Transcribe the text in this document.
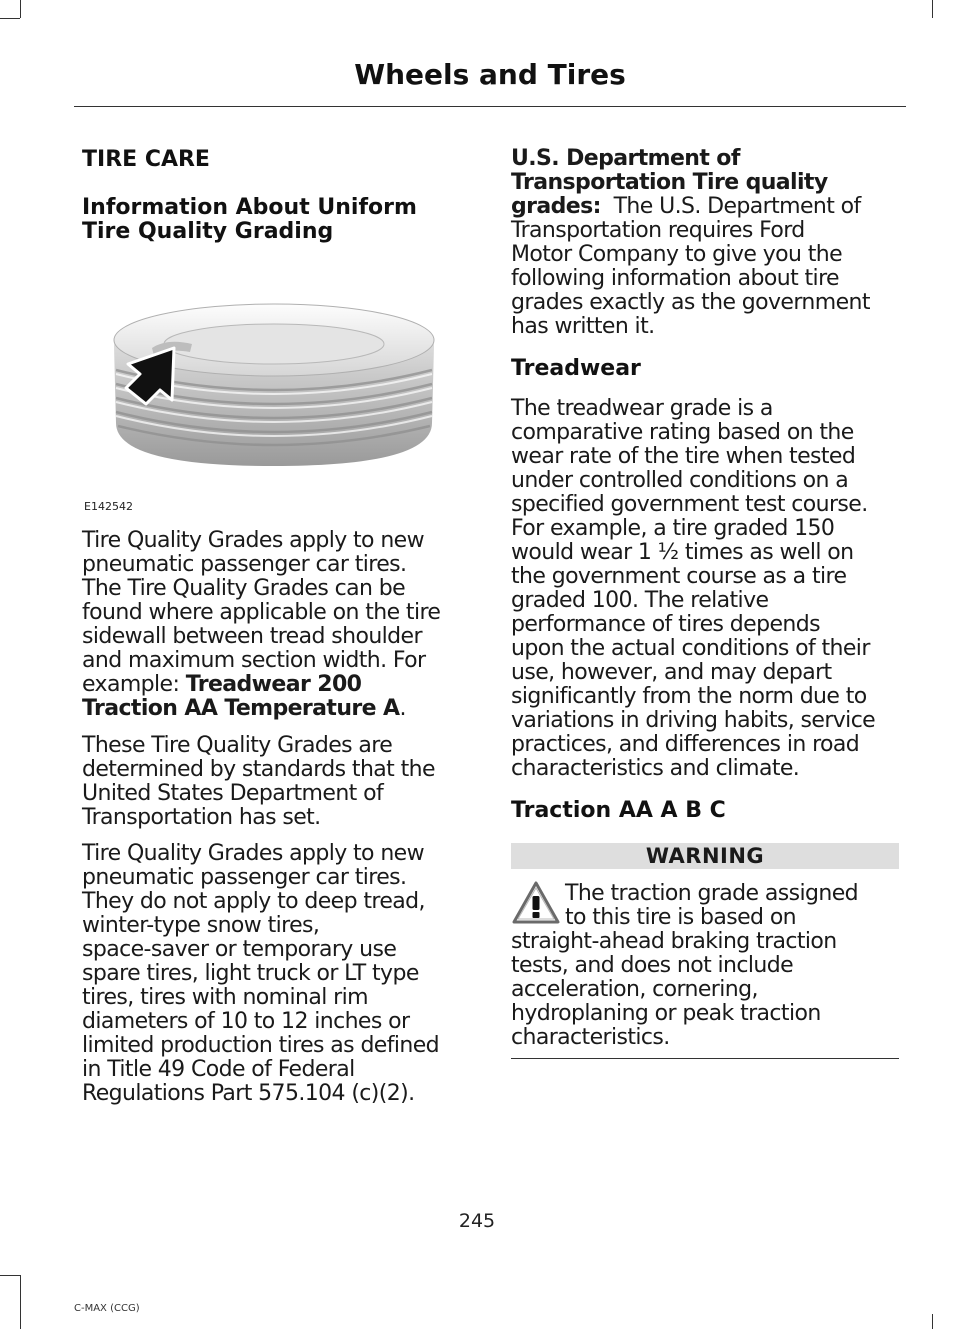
Wheels and Tires
TIRE CARE
Information About Uniform
Tire Quality Grading
E142542
Tire Quality Grades apply to new
pneumatic passenger car tires.
The Tire Quality Grades can be
found where applicable on the tire
sidewall between tread shoulder
and maximum section width. For
example: Treadwear 200
Traction AA Temperature A.
These Tire Quality Grades are
determined by standards that the
United States Department of
Transportation has set.
Tire Quality Grades apply to new
pneumatic passenger car tires.
They do not apply to deep tread,
winter-type snow tires,
space-saver or temporary use
spare tires, light truck or LT type
tires, tires with nominal rim
diameters of 10 to 12 inches or
limited production tires as defined
in Title 49 Code of Federal
Regulations Part 575.104 (c)(2).
U.S. Department of
Transportation Tire quality
grades:  The U.S. Department of
Transportation requires Ford
Motor Company to give you the
following information about tire
grades exactly as the government
has written it.
Treadwear
The treadwear grade is a
comparative rating based on the
wear rate of the tire when tested
under controlled conditions on a
specified government test course.
For example, a tire graded 150
would wear 1 ½ times as well on
the government course as a tire
graded 100. The relative
performance of tires depends
upon the actual conditions of their
use, however, and may depart
significantly from the norm due to
variations in driving habits, service
practices, and differences in road
characteristics and climate.
Traction AA A B C
WARNING
The traction grade assigned
to this tire is based on
straight-ahead braking traction
tests, and does not include
acceleration, cornering,
hydroplaning or peak traction
characteristics.
245
C-MAX (CCG)
